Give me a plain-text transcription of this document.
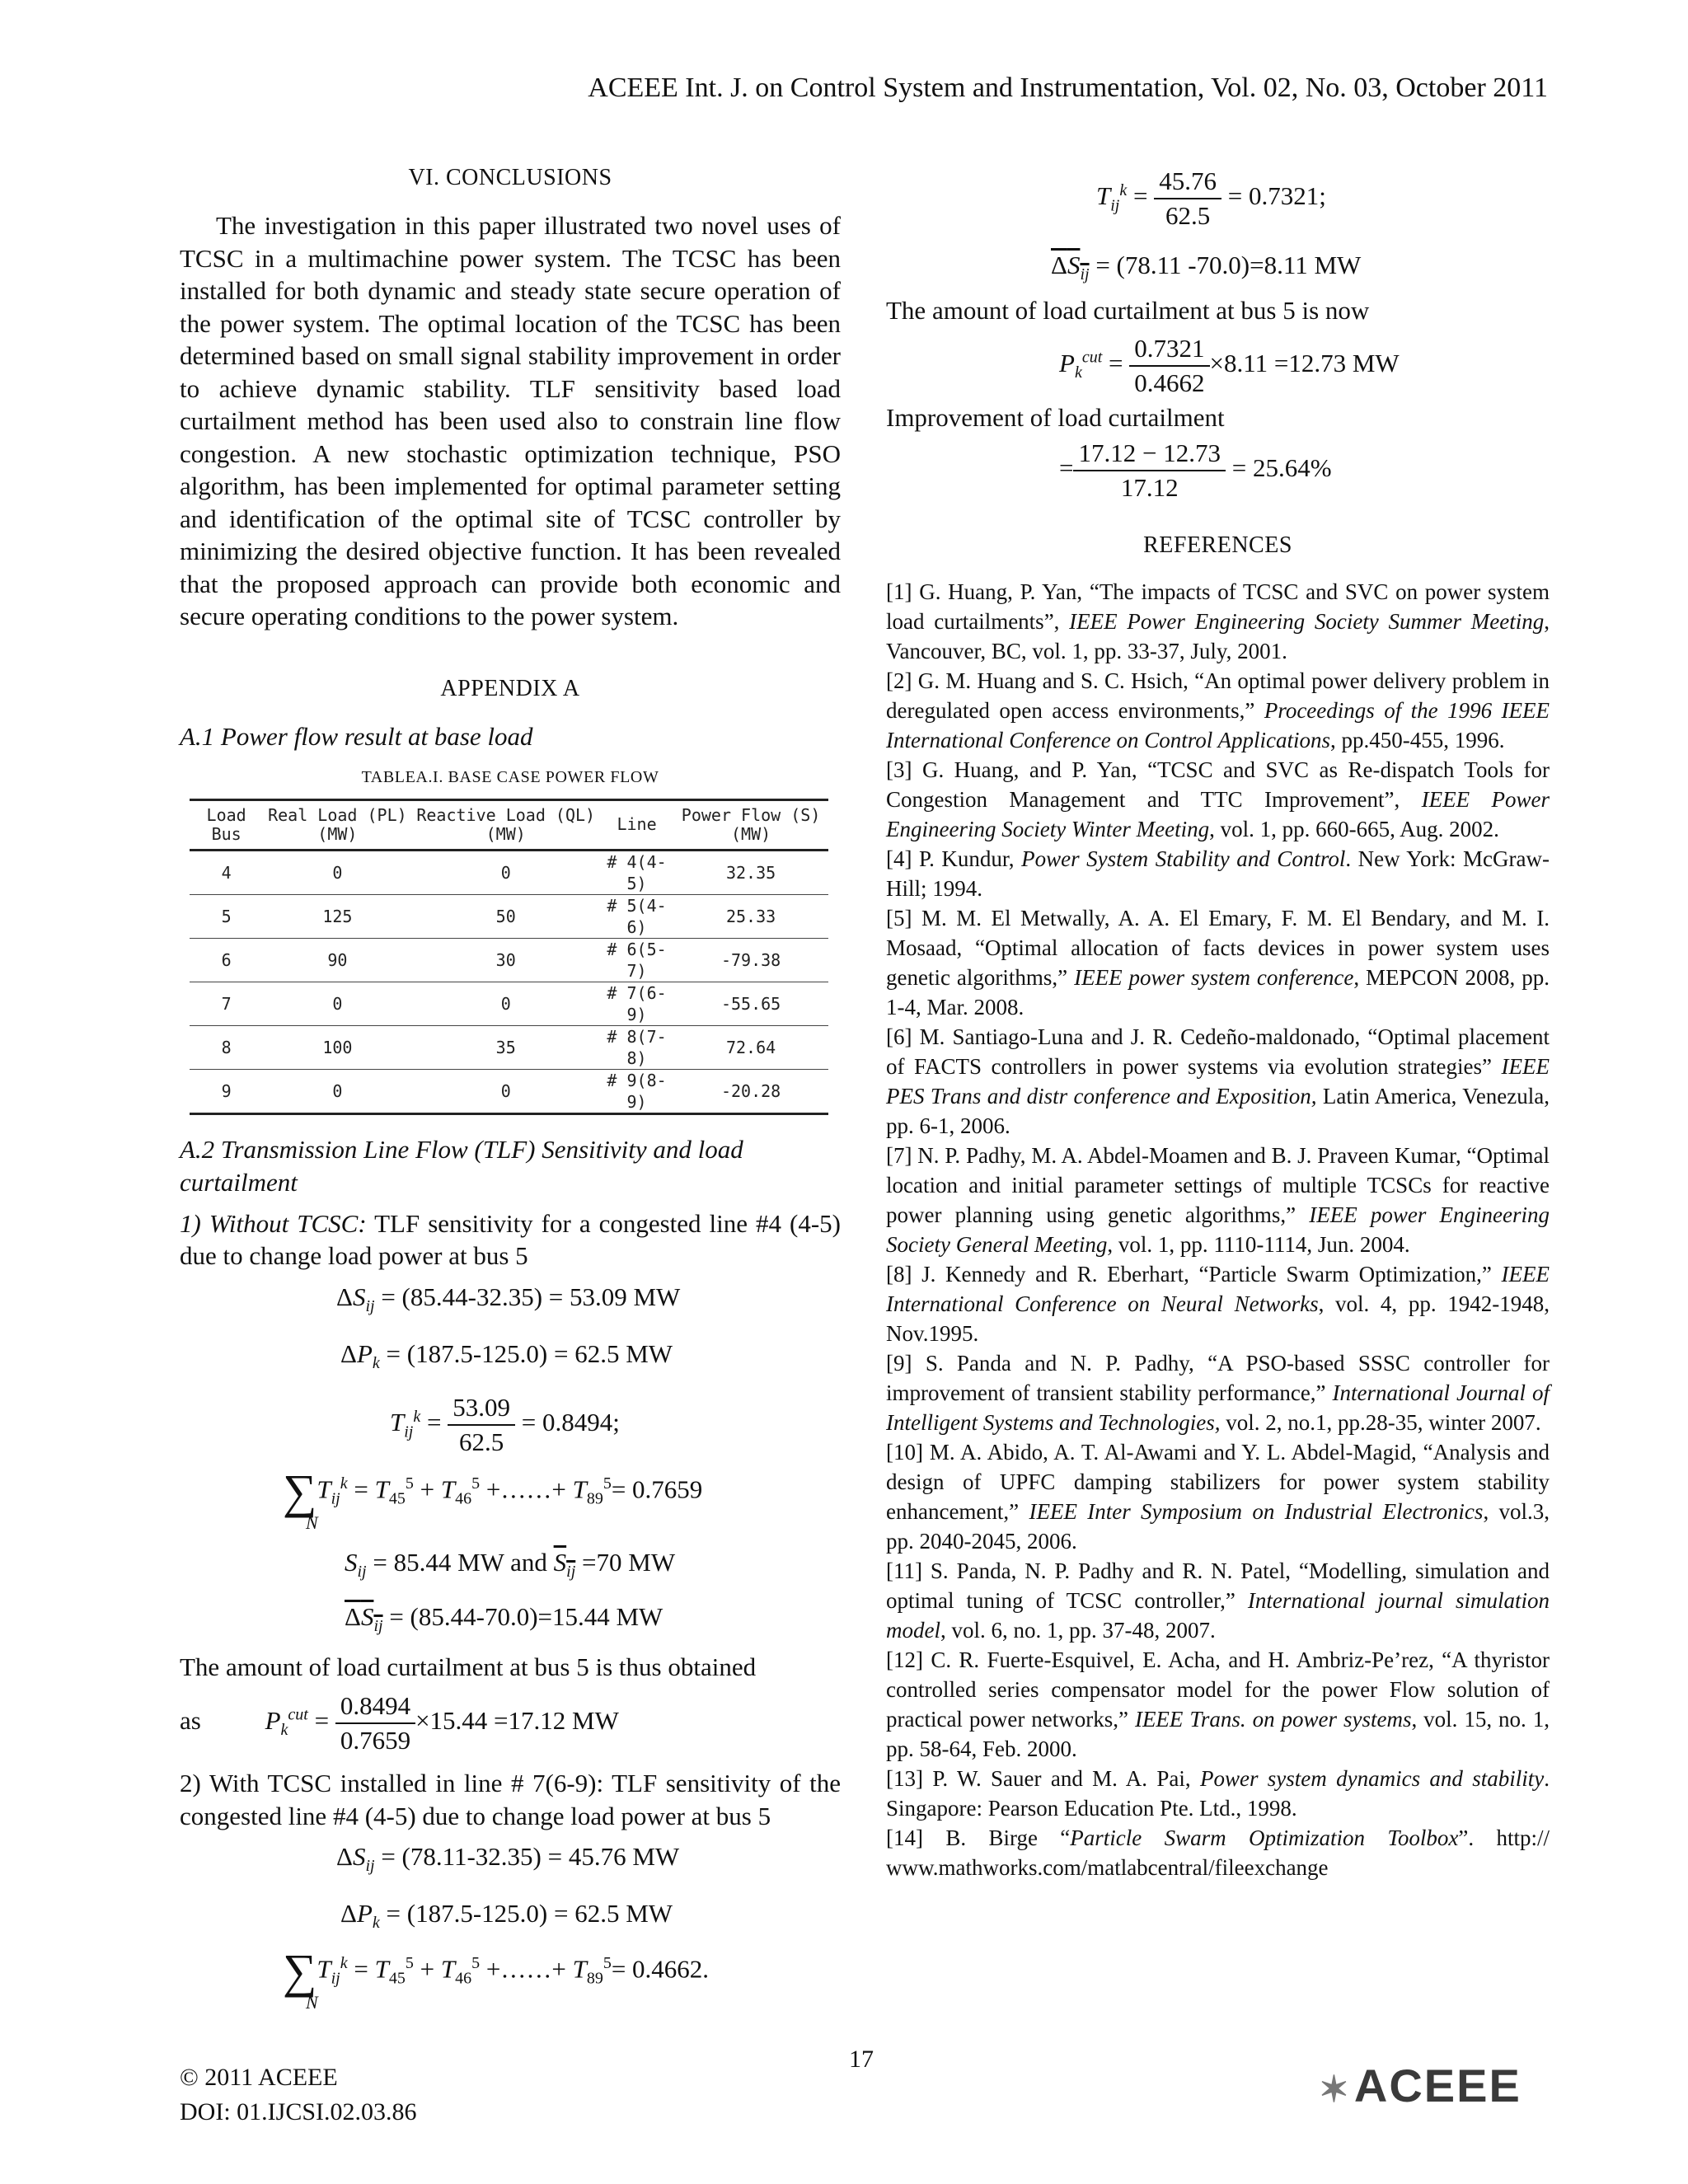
ACEEE Int. J. on Control System and Instrumentation, Vol. 02, No. 03, October 2011
VI. CONCLUSIONS

The investigation in this paper illustrated two novel uses of TCSC in a multimachine power system. The TCSC has been installed for both dynamic and steady state secure operation of the power system. The optimal location of the TCSC has been determined based on small signal stability improvement in order to achieve dynamic stability. TLF sensitivity based load curtailment method has been used also to constrain line flow congestion. A new stochastic optimization technique, PSO algorithm, has been implemented for optimal parameter setting and identification of the optimal site of TCSC controller by minimizing the desired objective function. It has been revealed that the proposed approach can provide both economic and secure operating conditions to the power system.

APPENDIX A
A.1 Power flow result at base load
TABLEA.I. BASE CASE POWER FLOW
Load Bus	Real Load (PL) (MW)	Reactive Load (QL) (MW)	Line	Power Flow (S) (MW)
4	0	0	# 4(4-5)	32.35
5	125	50	# 5(4-6)	25.33
6	90	30	# 6(5-7)	-79.38
7	0	0	# 7(6-9)	-55.65
8	100	35	# 8(7-8)	72.64
9	0	0	# 9(8-9)	-20.28
A.2 Transmission Line Flow (TLF) Sensitivity and load curtailment

1) Without TCSC: TLF sensitivity for a congested line #4 (4-5) due to change load power at bus 5

$\Delta S_{ij} = (85.44-32.35) = 53.09$ MW
$\Delta P_k = (187.5-125.0) = 62.5$ MW
$T_{ij}^k = \frac{53.09}{62.5} = 0.8494$;
$\sum T_{ij}^k = T_{45}^5 + T_{46}^5$ +……+ $T_{89}^5= 0.7659$
N
$S_{ij} = 85.44$ MW and $S_{ij} =70$ MW
$\Delta S_{ij} = (85.44-70.0)=15.44$ MW

The amount of load curtailment at bus 5 is thus obtained

as	$P_k^{cut} = \frac{0.8494}{0.7659} \times 15.44 =17.12$ MW

2) With TCSC installed in line # 7(6-9): TLF sensitivity of the congested line #4 (4-5) due to change load power at bus 5

$\Delta S_{ij} = (78.11-32.35) = 45.76$ MW
$\Delta P_k = (187.5-125.0) = 62.5$ MW
$\sum T_{ij}^k = T_{45}^5 + T_{46}^5$ +……+ $T_{89}^5= 0.4662$.
N
$T_{ij}^k = \frac{45.76}{62.5} = 0.7321$;
$\Delta S_{ij} = (78.11$ -70.0)=8.11 MW

The amount of load curtailment at bus 5 is now

$P_k^{cut} = \frac{0.7321}{0.4662} \times 8.11 =12.73$ MW

Improvement of load curtailment

= $\frac{17.12 - 12.73}{17.12} = 25.64\%$
REFERENCES
[1] G. Huang, P. Yan, “The impacts of TCSC and SVC on power system load curtailments”, IEEE Power Engineering Society Summer Meeting, Vancouver, BC, vol. 1, pp. 33-37, July, 2001.
[2] G. M. Huang and S. C. Hsich, “An optimal power delivery problem in deregulated open access environments,” Proceedings of the 1996 IEEE International Conference on Control Applications, pp.450-455, 1996.
[3] G. Huang, and P. Yan, “TCSC and SVC as Re-dispatch Tools for Congestion Management and TTC Improvement”, IEEE Power Engineering Society Winter Meeting, vol. 1, pp. 660-665, Aug. 2002.
[4] P. Kundur, Power System Stability and Control. New York: McGraw- Hill; 1994.
[5] M. M. El Metwally, A. A. El Emary, F. M. El Bendary, and M. I. Mosaad, “Optimal allocation of facts devices in power system uses genetic algorithms,” IEEE power system conference, MEPCON 2008, pp. 1-4, Mar. 2008.
[6] M. Santiago-Luna and J. R. Cedeño-maldonado, “Optimal placement of FACTS controllers in power systems via evolution strategies” IEEE PES Trans and distr conference and Exposition, Latin America, Venezula, pp. 6-1, 2006.
[7] N. P. Padhy, M. A. Abdel-Moamen and B. J. Praveen Kumar, “Optimal location and initial parameter settings of multiple TCSCs for reactive power planning using genetic algorithms,” IEEE power Engineering Society General Meeting, vol. 1, pp. 1110-1114, Jun. 2004.
[8] J. Kennedy and R. Eberhart, “Particle Swarm Optimization,” IEEE International Conference on Neural Networks, vol. 4, pp. 1942-1948, Nov.1995.
[9] S. Panda and N. P. Padhy, “A PSO-based SSSC controller for improvement of transient stability performance,” International Journal of Intelligent Systems and Technologies, vol. 2, no.1, pp.28-35, winter 2007.
[10] M. A. Abido, A. T. Al-Awami and Y. L. Abdel-Magid, “Analysis and design of UPFC damping stabilizers for power system stability enhancement,” IEEE Inter Symposium on Industrial Electronics, vol.3, pp. 2040-2045, 2006.
[11] S. Panda, N. P. Padhy and R. N. Patel, “Modelling, simulation and optimal tuning of TCSC controller,” International journal simulation model, vol. 6, no. 1, pp. 37-48, 2007.
[12] C. R. Fuerte-Esquivel, E. Acha, and H. Ambriz-Pe’rez, “A thyristor controlled series compensator model for the power Flow solution of practical power networks,” IEEE Trans. on power systems, vol. 15, no. 1, pp. 58-64, Feb. 2000.
[13] P. W. Sauer and M. A. Pai, Power system dynamics and stability. Singapore: Pearson Education Pte. Ltd., 1998.
[14] B. Birge “Particle Swarm Optimization Toolbox”. http:// www.mathworks.com/matlabcentral/fileexchange
© 2011 ACEEE
DOI: 01.IJCSI.02.03.86
17
✶ACEEE
